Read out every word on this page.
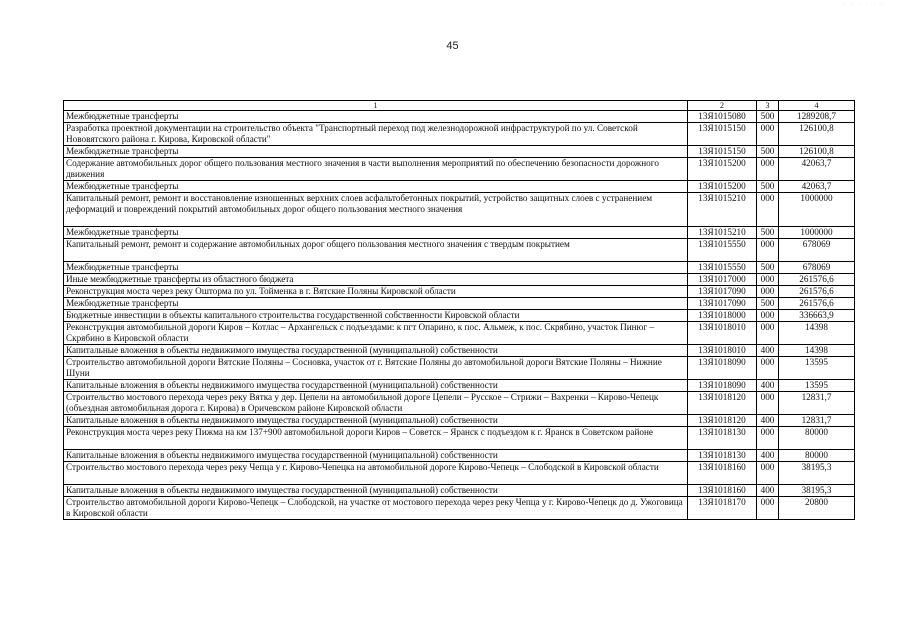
· · · · · ·
45
1	2	3	4
Межбюджетные трансферты	13Я1015080	500	1289208,7
Разработка проектной документации на строительство объекта "Транспортный переход под железнодорожной инфраструктурой по ул. Советской Нововятского района г. Кирова, Кировской области"	13Я1015150	000	126100,8
Межбюджетные трансферты	13Я1015150	500	126100,8
Содержание автомобильных дорог общего пользования местного значения в части выполнения мероприятий по обеспечению безопасности дорожного движения	13Я1015200	000	42063,7
Межбюджетные трансферты	13Я1015200	500	42063,7
Капитальный ремонт, ремонт и восстановление изношенных верхних слоев асфальтобетонных покрытий, устройство защитных слоев с устранением деформаций и повреждений покрытий автомобильных дорог общего пользования местного значения	13Я1015210	000	1000000
Межбюджетные трансферты	13Я1015210	500	1000000
Капитальный ремонт, ремонт и содержание автомобильных дорог общего пользования местного значения с твердым покрытием	13Я1015550	000	678069
Межбюджетные трансферты	13Я1015550	500	678069
Иные межбюджетные трансферты из областного бюджета	13Я1017000	000	261576,6
Реконструкция моста через реку Ошторма по ул. Тойменка в г. Вятские Поляны Кировской области	13Я1017090	000	261576,6
Межбюджетные трансферты	13Я1017090	500	261576,6
Бюджетные инвестиции в объекты капитального строительства государственной собственности Кировской области	13Я1018000	000	336663,9
Реконструкция автомобильной дороги Киров – Котлас – Архангельск с подъездами: к пгт Опарино, к пос. Альмеж, к пос. Скрябино, участок Пинюг – Скрябино в Кировской области	13Я1018010	000	14398
Капитальные вложения в объекты недвижимого имущества государственной (муниципальной) собственности	13Я1018010	400	14398
Строительство автомобильной дороги Вятские Поляны – Сосновка, участок от г. Вятские Поляны до автомобильной дороги Вятские Поляны – Нижние Шуни	13Я1018090	000	13595
Капитальные вложения в объекты недвижимого имущества государственной (муниципальной) собственности	13Я1018090	400	13595
Строительство мостового перехода через реку Вятка у дер. Цепели на автомобильной дороге Цепели – Русское – Стрижи – Вахренки – Кирово-Чепецк (объездная автомобильная дорога г. Кирова) в Оричевском районе Кировской области	13Я1018120	000	12831,7
Капитальные вложения в объекты недвижимого имущества государственной (муниципальной) собственности	13Я1018120	400	12831,7
Реконструкция моста через реку Пижма на км 137+900 автомобильной дороги Киров – Советск – Яранск с подъездом к г. Яранск в Советском районе	13Я1018130	000	80000
Капитальные вложения в объекты недвижимого имущества государственной (муниципальной) собственности	13Я1018130	400	80000
Строительство мостового перехода через реку Чепца у г. Кирово-Чепецка на автомобильной дороге Кирово-Чепецк – Слободской в Кировской области	13Я1018160	000	38195,3
Капитальные вложения в объекты недвижимого имущества государственной (муниципальной) собственности	13Я1018160	400	38195,3
Строительство автомобильной дороги Кирово-Чепецк – Слободской, на участке от мостового перехода через реку Чепца у г. Кирово-Чепецк до д. Ужоговица в Кировской области	13Я1018170	000	20800
